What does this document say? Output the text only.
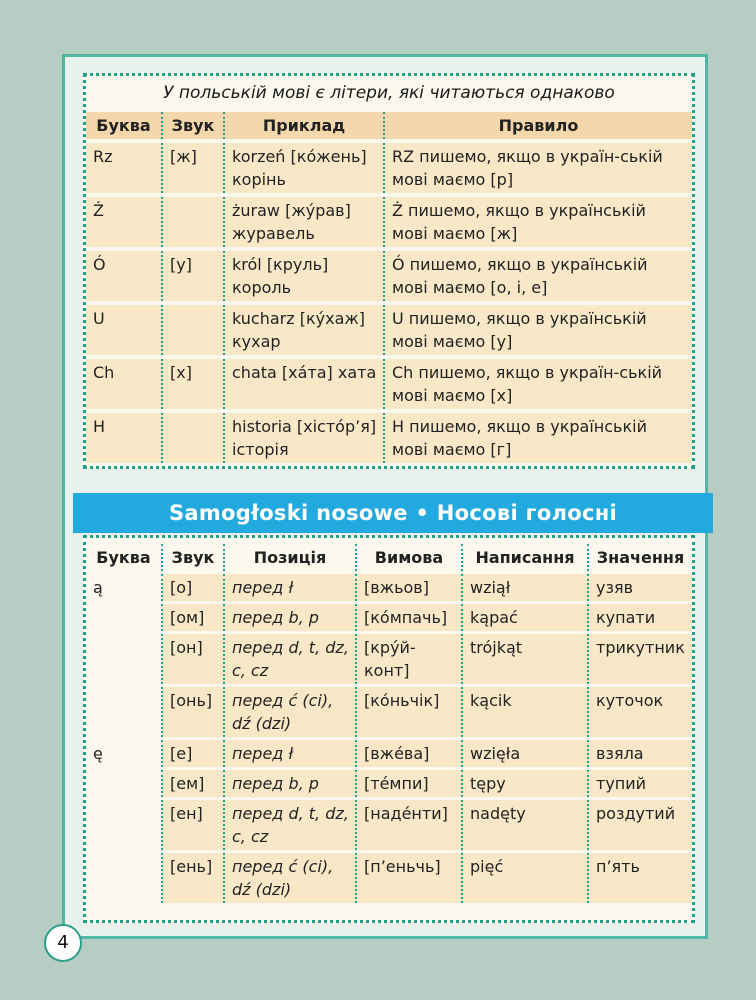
У польській мові є літери, які читаються однаково
Буква	Звук	Приклад	Правило
Rz	[ж]	korzeń [ко́жень] корінь	RZ пишемо, якщо в україн-ській мові маємо [р]
Ż		żuraw [жу́рав] журавель	Ż пишемо, якщо в українській мові маємо [ж]
Ó	[у]	król [круль] король	Ó пишемо, якщо в українській мові маємо [о, і, е]
U		kucharz [ку́хаж] кухар	U пишемо, якщо в українській мові маємо [у]
Ch	[х]	chata [ха́та] хата	Ch пишемо, якщо в україн-ській мові маємо [х]
H		historia [хісто́р’я] історія	H пишемо, якщо в українській мові маємо [г]
Samogłoski nosowe • Носові голосні
Буква	Звук	Позиція	Вимова	Написання	Значення
ą	[о]	перед ł	[вжьов]	wziął	узяв
	[ом]	перед b, p	[ко́мпачь]	kąpać	купати
	[он]	перед d, t, dz, c, cz	[кру́й-конт]	trójkąt	трикутник
	[онь]	перед ć (ci), dź (dzi)	[ко́ньчік]	kącik	куточок
ę	[е]	перед ł	[вже́ва]	wzięła	взяла
	[ем]	перед b, p	[те́мпи]	tępy	тупий
	[ен]	перед d, t, dz, c, cz	[наде́нти]	nadęty	роздутий
	[ень]	перед ć (ci), dź (dzi)	[п’еньчь]	pięć	п’ять
4
